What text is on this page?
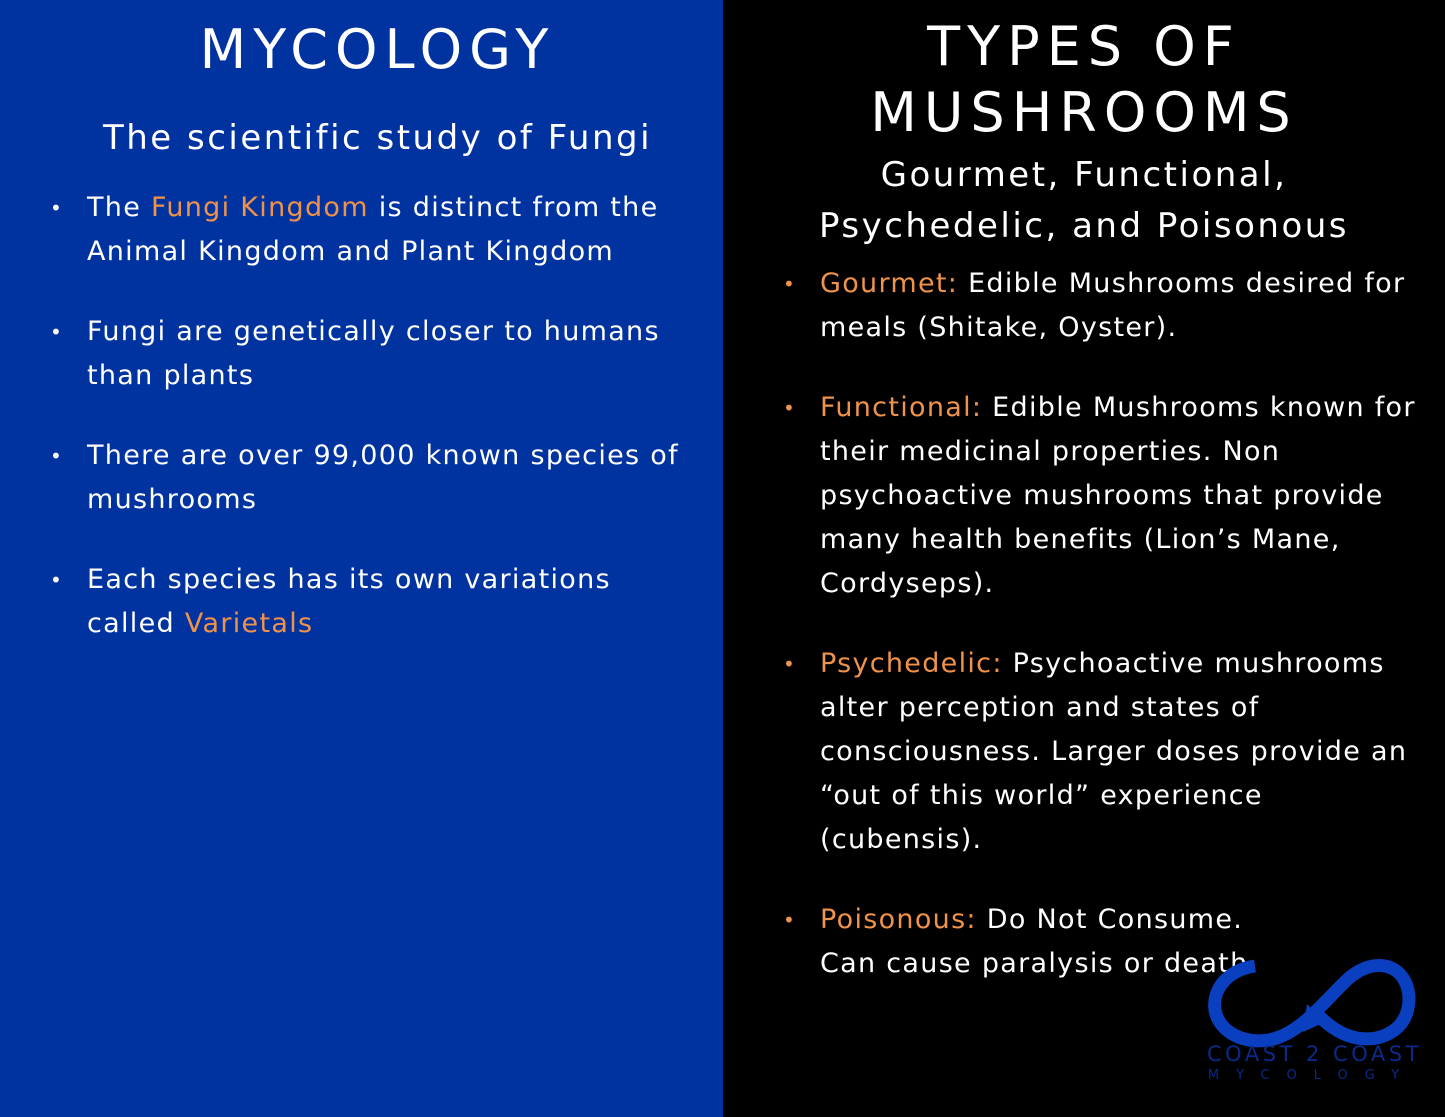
MYCOLOGY
The scientific study of Fungi
• The Fungi Kingdom is distinct from the Animal Kingdom and Plant Kingdom
• Fungi are genetically closer to humans than plants
• There are over 99,000 known species of mushrooms
• Each species has its own variations called Varietals
TYPES OF
MUSHROOMS
Gourmet, Functional,
Psychedelic, and Poisonous
• Gourmet: Edible Mushrooms desired for meals (Shitake, Oyster).
• Functional: Edible Mushrooms known for their medicinal properties. Non psychoactive mushrooms that provide many health benefits (Lion’s Mane, Cordyseps).
• Psychedelic: Psychoactive mushrooms alter perception and states of consciousness. Larger doses provide an “out of this world” experience (cubensis).
• Poisonous: Do Not Consume.
Can cause paralysis or death.
COAST 2 COAST
MYCOLOGY
